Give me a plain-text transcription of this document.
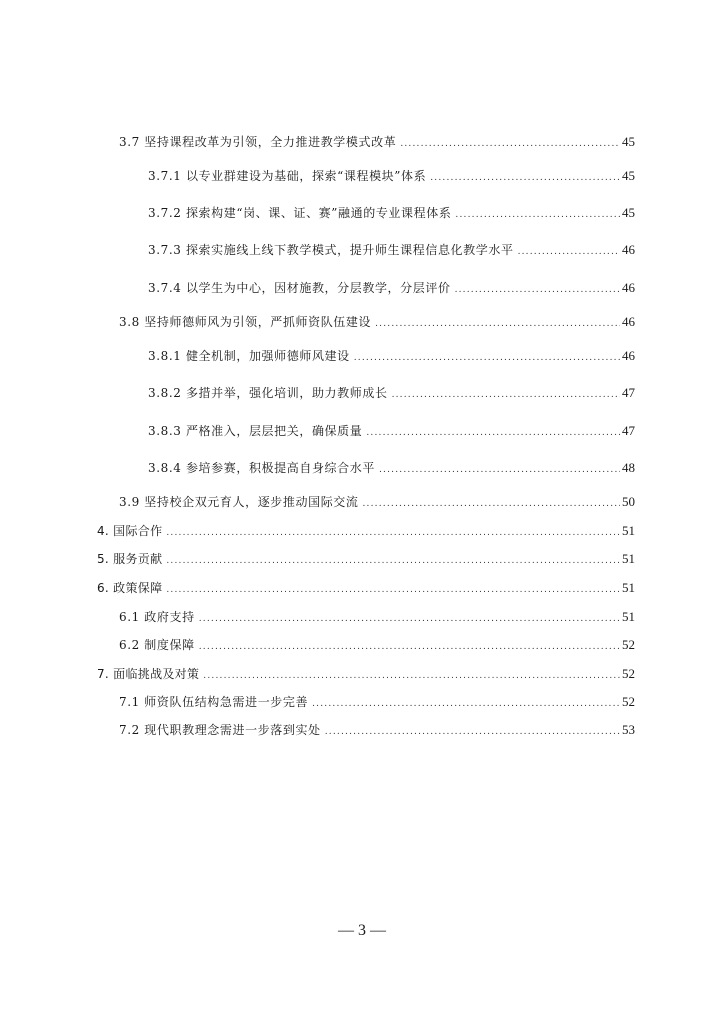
3.7 坚持课程改革为引领，全力推进教学模式改革 .....	45
3.7.1 以专业群建设为基础，探索“课程模块”体系 .....	45
3.7.2 探索构建“岗、课、证、赛”融通的专业课程体系 .....	45
3.7.3 探索实施线上线下教学模式，提升师生课程信息化教学水平 .....	46
3.7.4 以学生为中心，因材施教，分层教学，分层评价 .....	46
3.8 坚持师德师风为引领，严抓师资队伍建设 .....	46
3.8.1 健全机制，加强师德师风建设 .....	46
3.8.2 多措并举，强化培训，助力教师成长 .....	47
3.8.3 严格准入，层层把关，确保质量 .....	47
3.8.4 参培参赛，积极提高自身综合水平 .....	48
3.9 坚持校企双元育人，逐步推动国际交流 .....	50
4. 国际合作 .....	51
5. 服务贡献 .....	51
6. 政策保障 .....	51
6.1 政府支持 .....	51
6.2 制度保障 .....	52
7. 面临挑战及对策 .....	52
7.1 师资队伍结构急需进一步完善 .....	52
7.2 现代职教理念需进一步落到实处 .....	53
— 3 —
